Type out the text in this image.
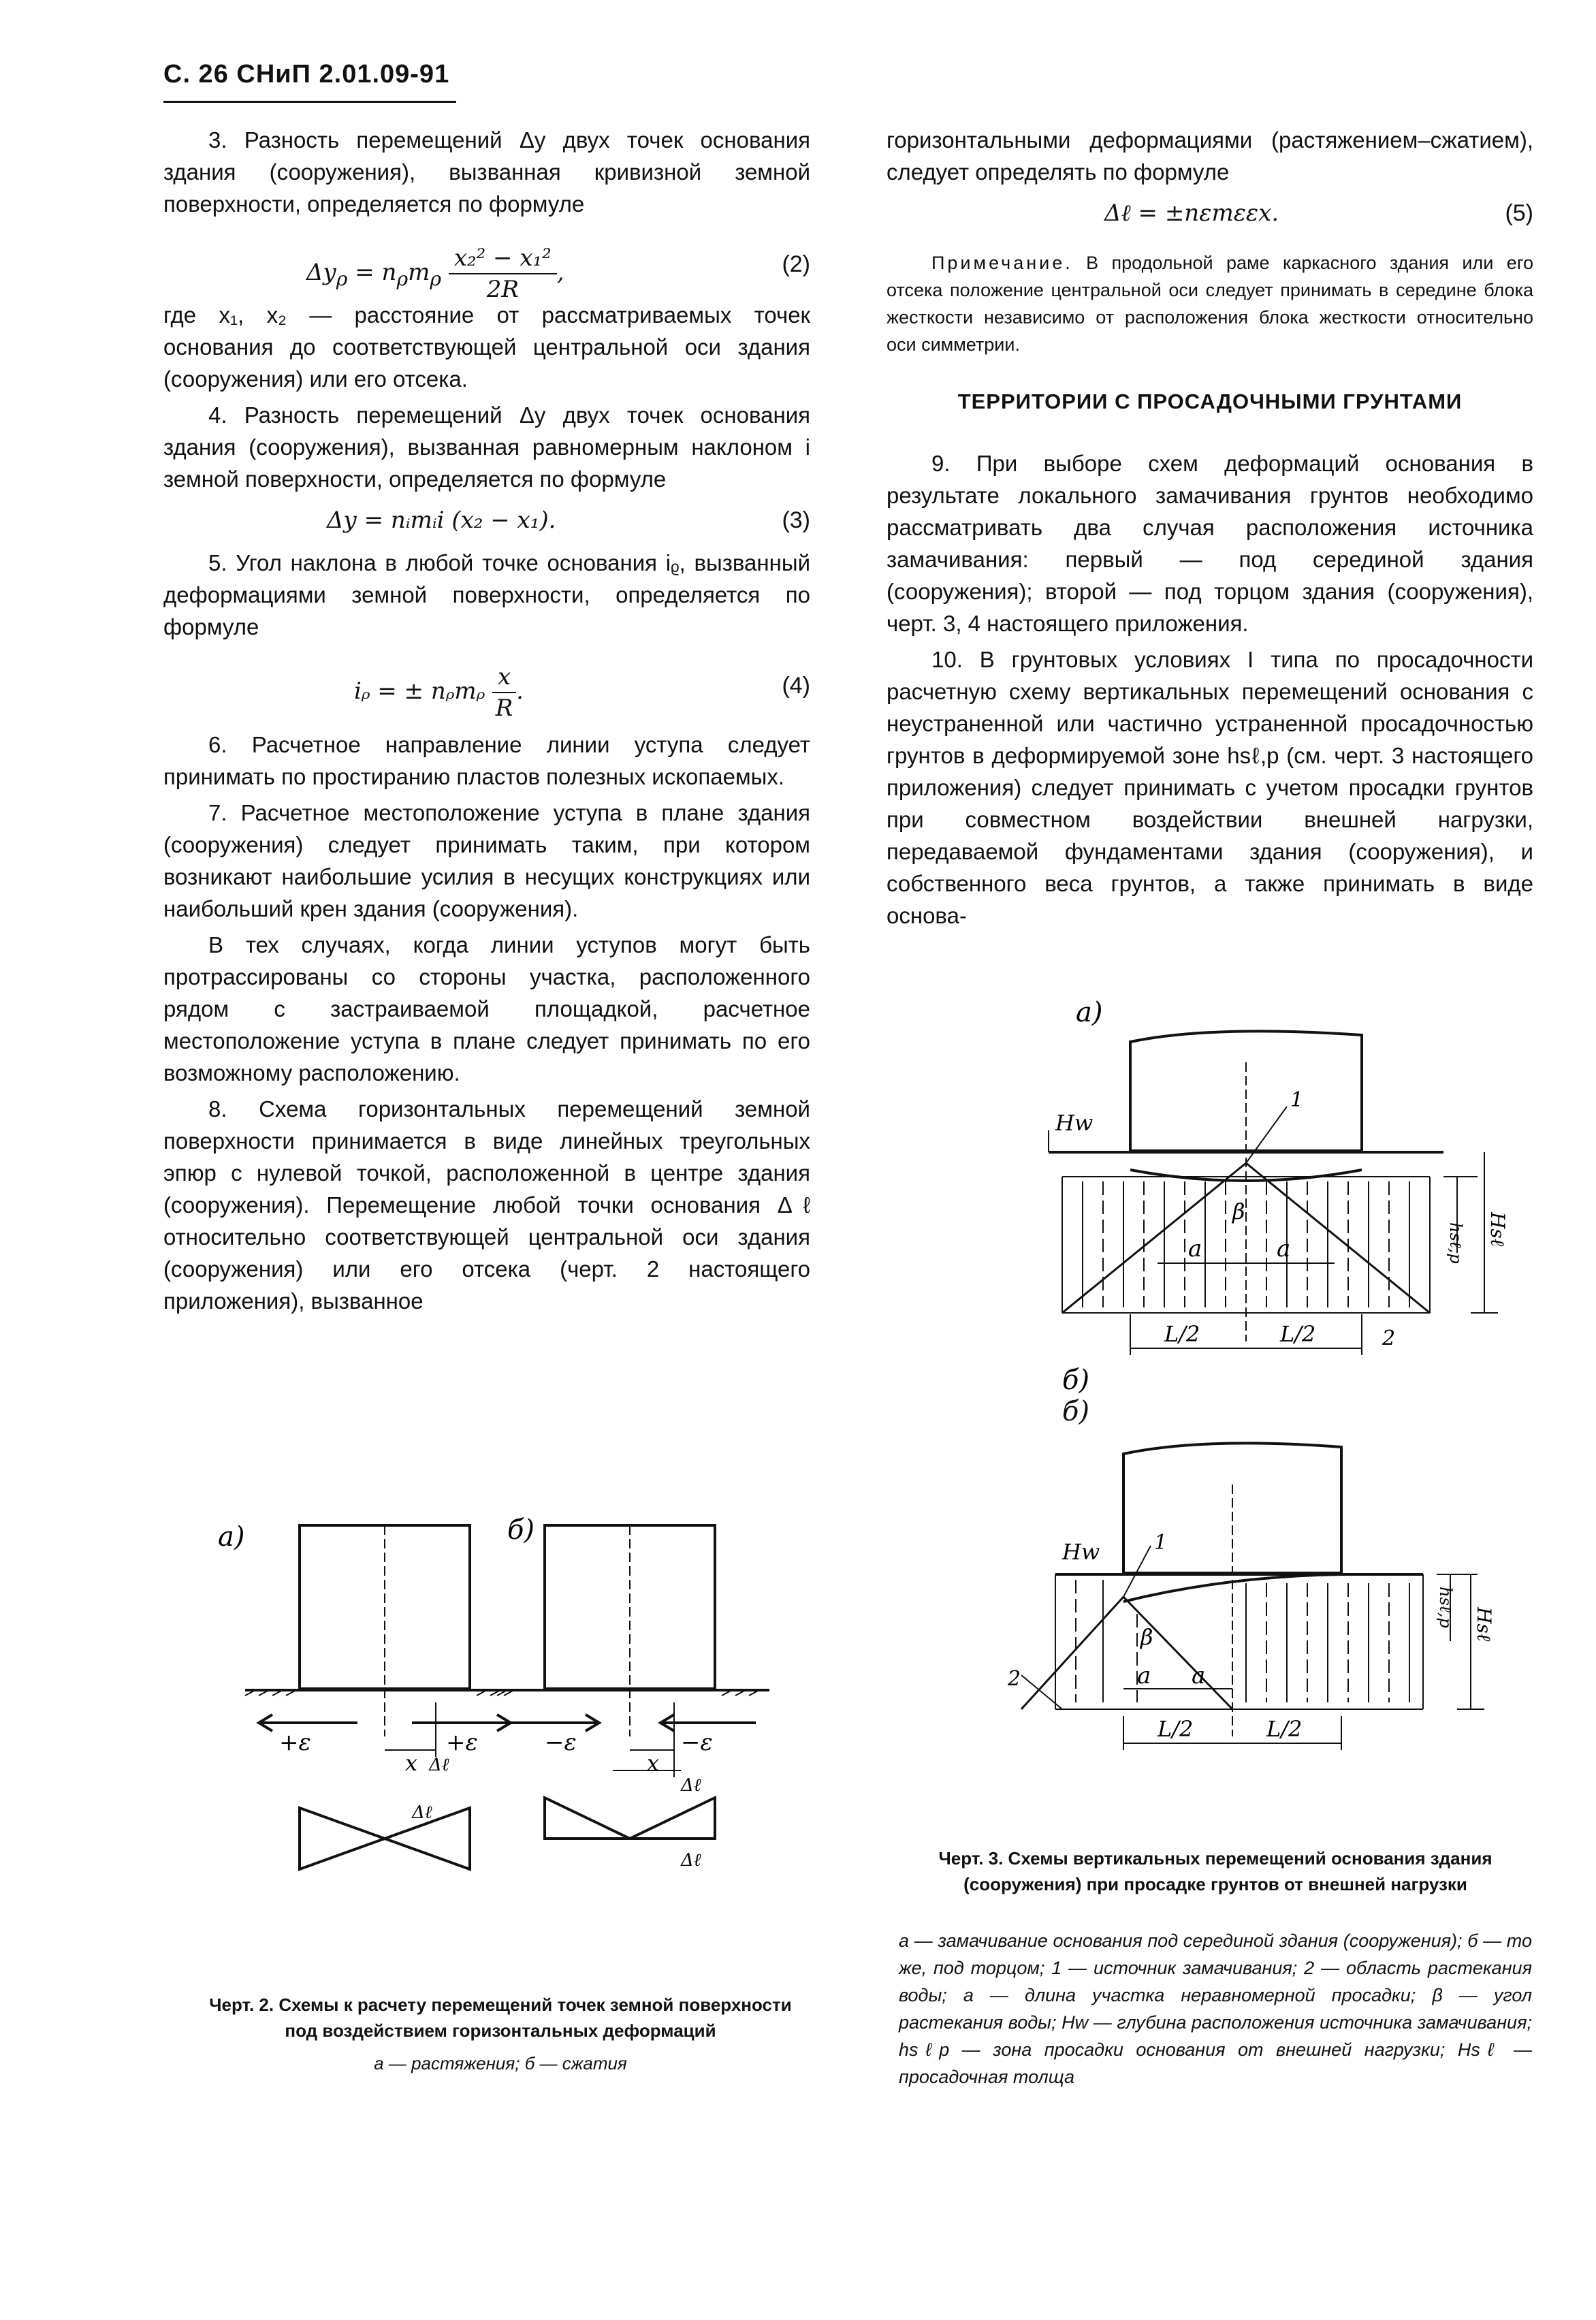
С. 26 СНиП 2.01.09-91

3. Разность перемещений Δy двух точек основания здания (сооружения), вызванная кривизной земной поверхности, определяется по формуле

$\Delta y_\rho = n_\rho m_\rho \frac{\text{x₂² − x₁²}}{2R}$ ,	(2)

где x₁, x₂ — расстояние от рассматриваемых точек основания до соответствующей центральной оси здания (сооружения) или его отсека.

4. Разность перемещений Δy двух точек основания здания (сооружения), вызванная равномерным наклоном i земной поверхности, определяется по формуле

Δy = nᵢmᵢi (x₂ − x₁).	(3)

5. Угол наклона в любой точке основания iᵨ, вызванный деформациями земной поверхности, определяется по формуле

iᵨ = ± nᵨmᵨ $\frac{x}{R}$ .	(4)

6. Расчетное направление линии уступа следует принимать по простиранию пластов полезных ископаемых.

7. Расчетное местоположение уступа в плане здания (сооружения) следует принимать таким, при котором возникают наибольшие усилия в несущих конструкциях или наибольший крен здания (сооружения).

В тех случаях, когда линии уступов могут быть протрассированы со стороны участка, расположенного рядом с застраиваемой площадкой, расчетное местоположение уступа в плане следует принимать по его возможному расположению.

8. Схема горизонтальных перемещений земной поверхности принимается в виде линейных треугольных эпюр с нулевой точкой, расположенной в центре здания (сооружения). Перемещение любой точки основания Δℓ относительно соответствующей центральной оси здания (сооружения) или его отсека (черт. 2 настоящего приложения), вызванное

горизонтальными деформациями (растяжением–сжатием), следует определять по формуле

Δℓ = ±nεmεεx.	(5)
Примечание. В продольной раме каркасного здания или его отсека положение центральной оси следует принимать в середине блока жесткости независимо от расположения блока жесткости относительно оси симметрии.
ТЕРРИТОРИИ С ПРОСАДОЧНЫМИ ГРУНТАМИ

9. При выборе схем деформаций основания в результате локального замачивания грунтов необходимо рассматривать два случая расположения источника замачивания: первый — под серединой здания (сооружения); второй — под торцом здания (сооружения), черт. 3, 4 настоящего приложения.

10. В грунтовых условиях I типа по просадочности расчетную схему вертикальных перемещений основания с неустраненной или частично устраненной просадочностью грунтов в деформируемой зоне hsℓ,p (см. черт. 3 настоящего приложения) следует принимать с учетом просадки грунтов при совместном воздействии внешней нагрузки, передаваемой фундаментами здания (сооружения), и собственного веса грунтов, а также принимать в виде основа-

а)	б)
+ε	+ε
x Δℓ
−ε	−ε
x
Δℓ
Δℓ
Δℓ
Черт. 2. Схемы к расчету перемещений точек земной поверхности под воздействием горизонтальных деформаций
а — растяжения; б — сжатия
а)
Hw
1
β
a	a
L/2	L/2	2
hsℓ,p Hsℓ
б)
Hw	1
β
2	a a
L/2	L/2
hsℓ,p Hsℓ
б)
Черт. 3. Схемы вертикальных перемещений основания здания (сооружения) при просадке грунтов от внешней нагрузки
а — замачивание основания под серединой здания (сооружения); б — то же, под торцом; 1 — источник замачивания; 2 — область растекания воды; a — длина участка неравномерной просадки; β — угол растекания воды; Hw — глубина расположения источника замачивания; hsℓp — зона просадки основания от внешней нагрузки; Hsℓ — просадочная толща
